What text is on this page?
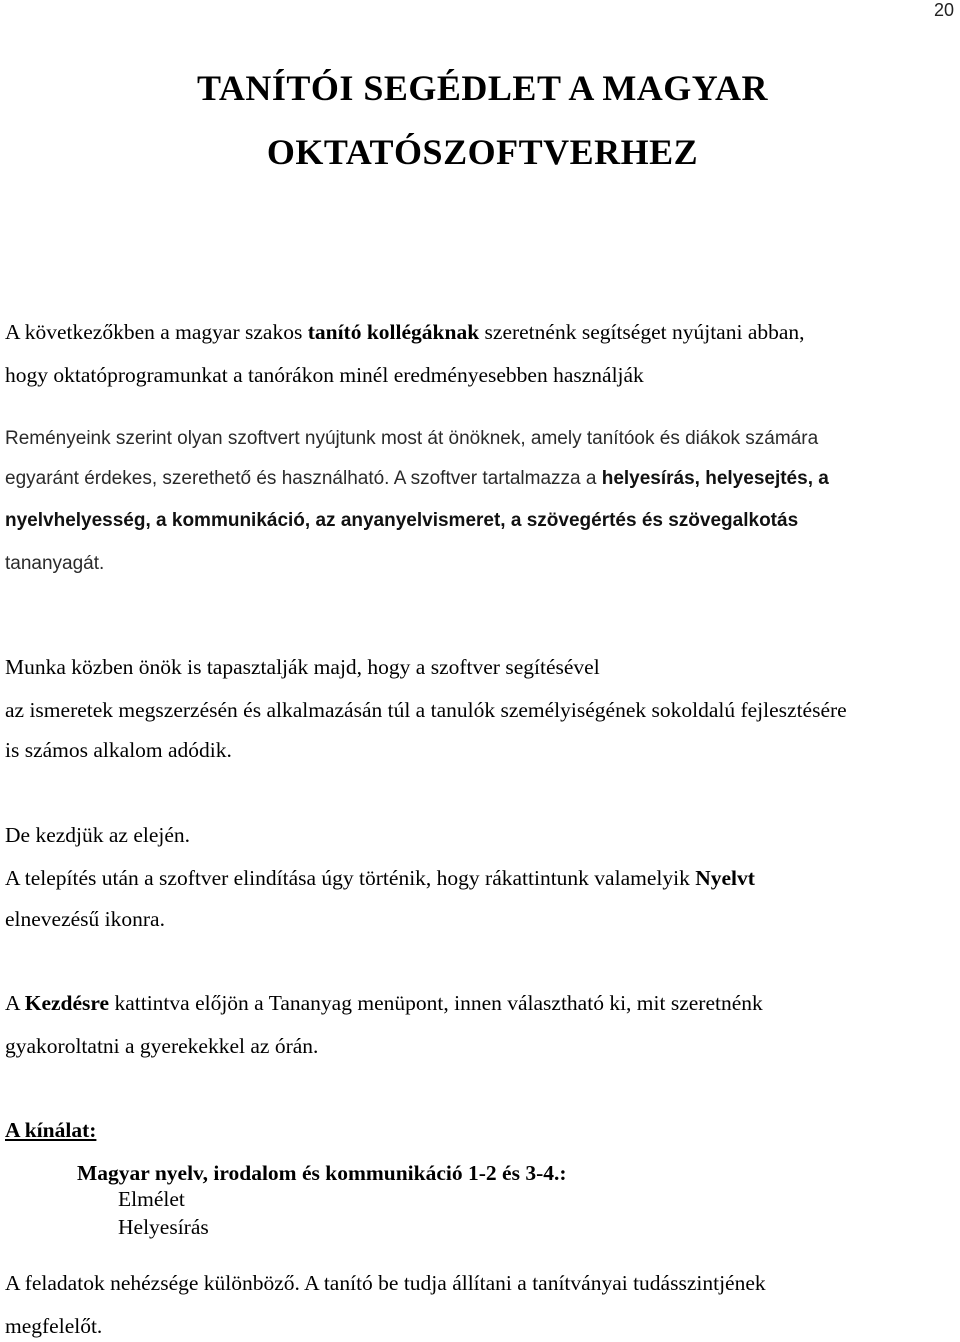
20
TANÍTÓI SEGÉDLET A MAGYAR
OKTATÓSZOFTVERHEZ
A következőkben a magyar szakos tanító kollégáknak szeretnénk segítséget nyújtani abban,
hogy oktatóprogramunkat a tanórákon minél eredményesebben használják
Reményeink szerint olyan szoftvert nyújtunk most át önöknek, amely tanítóok és diákok számára
egyaránt érdekes, szerethető és használható. A szoftver tartalmazza a helyesírás, helyesejtés, a
nyelvhelyesség, a kommunikáció, az anyanyelvismeret, a szövegértés és szövegalkotás
tananyagát.
Munka közben önök is tapasztalják majd, hogy a szoftver segítésével
az ismeretek megszerzésén és alkalmazásán túl a tanulók személyiségének sokoldalú fejlesztésére
is számos alkalom adódik.
De kezdjük az elején.
A telepítés után a szoftver elindítása úgy történik, hogy rákattintunk valamelyik Nyelvt
elnevezésű ikonra.
A Kezdésre kattintva előjön a Tananyag menüpont, innen választható ki, mit szeretnénk
gyakoroltatni a gyerekekkel az órán.
A kínálat:
Magyar nyelv, irodalom és kommunikáció 1-2 és 3-4.:
Elmélet
Helyesírás
A feladatok nehézsége különböző. A tanító be tudja állítani a tanítványai tudásszintjének
megfelelőt.
